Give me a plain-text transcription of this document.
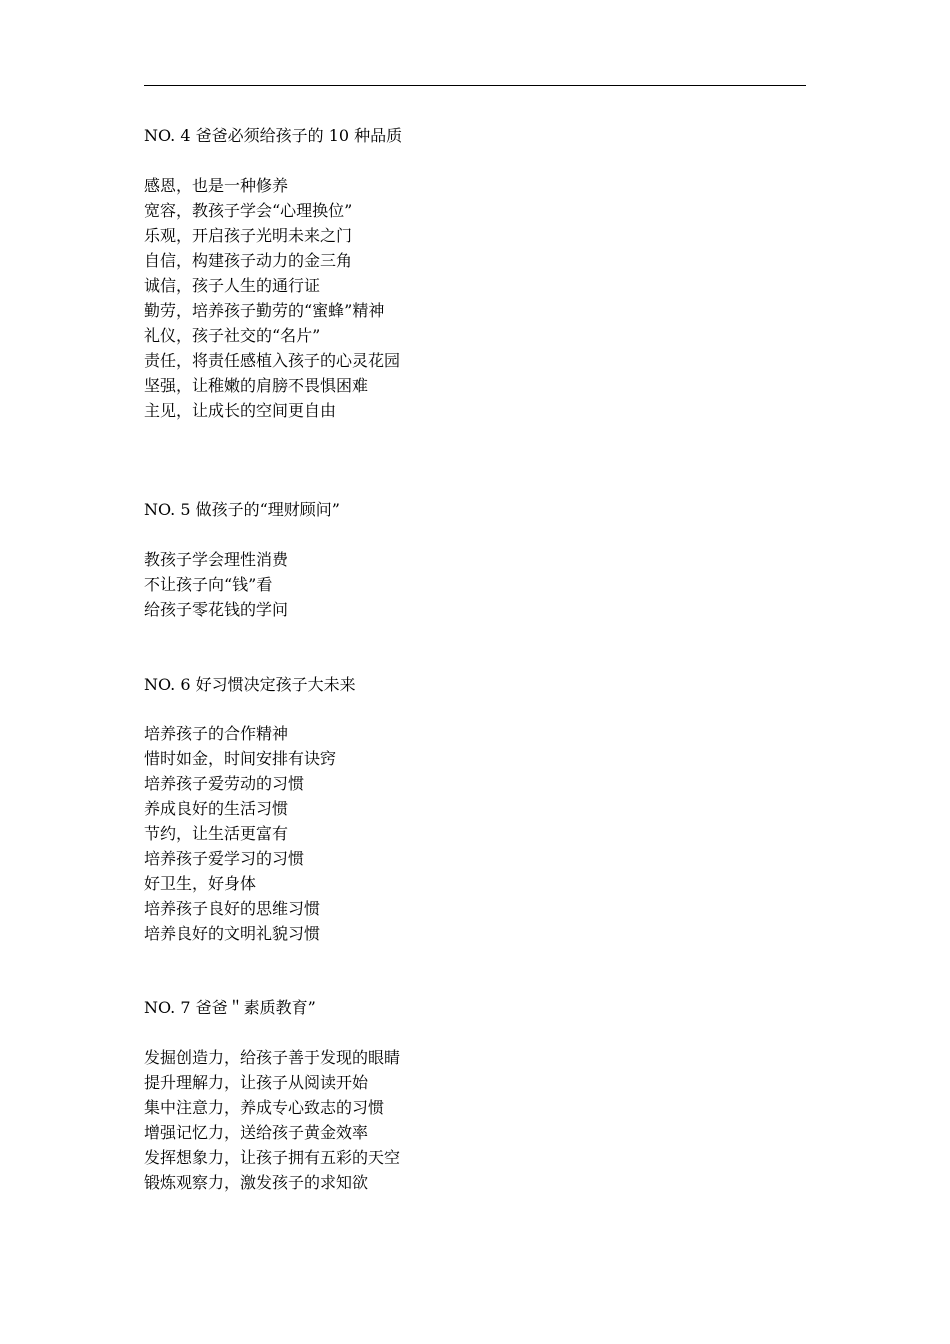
NO. 4 爸爸必须给孩子的 10 种品质

感恩，也是一种修养

宽容，教孩子学会“心理换位”

乐观，开启孩子光明未来之门

自信，构建孩子动力的金三角

诚信，孩子人生的通行证

勤劳，培养孩子勤劳的“蜜蜂”精神

礼仪，孩子社交的“名片”

责任，将责任感植入孩子的心灵花园

坚强，让稚嫩的肩膀不畏惧困难

主见，让成长的空间更自由

NO. 5 做孩子的“理财顾问”

教孩子学会理性消费

不让孩子向“钱”看

给孩子零花钱的学问

NO. 6 好习惯决定孩子大未来

培养孩子的合作精神

惜时如金，时间安排有诀窍

培养孩子爱劳动的习惯

养成良好的生活习惯

节约，让生活更富有

培养孩子爱学习的习惯

好卫生，好身体

培养孩子良好的思维习惯

培养良好的文明礼貌习惯

NO. 7 爸爸＂素质教育”

发掘创造力，给孩子善于发现的眼睛

提升理解力，让孩子从阅读开始

集中注意力，养成专心致志的习惯

增强记忆力，送给孩子黄金效率

发挥想象力，让孩子拥有五彩的天空

锻炼观察力，激发孩子的求知欲
